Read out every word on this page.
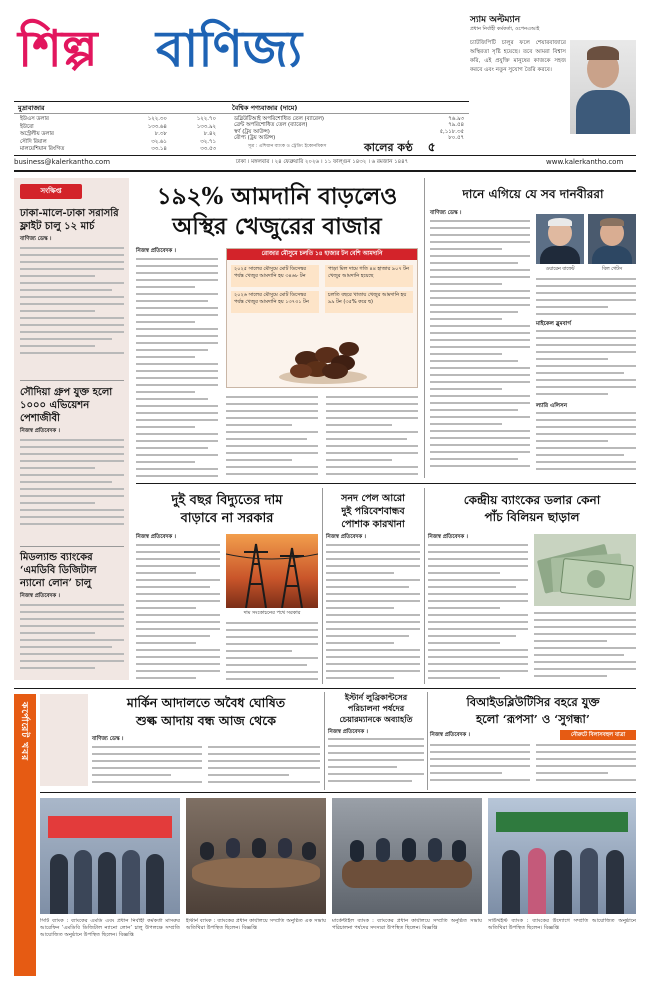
শিল্প বাণিজ্য	স্যাম অল্টম্যান
প্রধান নির্বাহী কর্মকর্তা, ওপেনএআই
চ্যাটজিপিটি চালুর ফলে শেয়ারবাজারে অস্থিরতা সৃষ্টি হয়েছে। তবে আমরা বিশ্বাস করি, এই প্রযুক্তি মানুষের কাজকে সহজ করবে এবং নতুন সুযোগ তৈরি করবে।
মুদ্রাবাজার	বৈশ্বিক পণ্যবাজার (দামে)
ইউএস ডলার	১২২.৩০	১২২.৭০
ইউরো	১৩৩.৬৪	১৩৩.৯২
অস্ট্রেলীয় ডলার	৮.৩৮	৮.৪২
সৌদি রিয়াল	৩২.৬১	৩২.৭১
মালয়েশিয়ান রিংগিত	৩৩.১৪	৩৩.৫৩
ডব্লিউটিআই অপরিশোধিত তেল (ব্যারেল)	৭৬.৯৩
ব্রেন্ট অপরিশোধিত তেল (ব্যারেল)	৭৯.৫৪
স্বর্ণ (ট্রয় আউন্স)	৫,১১৮.৩৫
রৌপ্য (ট্রয় আউন্স)	৮০.৫৭
সূত্র : এশিয়ান ব্যাংক ও ট্রেডিং ইকোনমিকস	কালের কণ্ঠ ৫
business@kalerkantho.com	ঢাকা । মঙ্গলবার । ২৪ ফেব্রুয়ারি ২০২৬ । ১১ ফাল্গুন ১৪৩২ । ৬ রমজান ১৪৪৭	www.kalerkantho.com
সংক্ষিপ্ত
ঢাকা-মালে-ঢাকা সরাসরি ফ্লাইট চালু ১২ মার্চ
বাণিজ্য ডেস্ক ।
সৌদিয়া গ্রুপ যুক্ত হলো ১০০০ এভিয়েশন পেশাজীবী
নিজস্ব প্রতিবেদক ।
মিডল্যান্ড ব্যাংকের ‘এমডিবি ডিজিটাল ন্যানো লোন’ চালু
নিজস্ব প্রতিবেদক ।
১৯২% আমদানি বাড়লেও
অস্থির খেজুরের বাজার
নিজস্ব প্রতিবেদক ।	রোজার মৌসুমে চলতি ১৪ হাজার টন বেশি আমদানি
২০২৫ সালের মৌসুমে মোট ডিসেম্বর পর্যন্ত খেজুর আমদানি হয় ৩৪৬৮ টন
২০২৬ সালের মৌসুমে মোট ডিসেম্বর পর্যন্ত খেজুর আমদানি হয় ১৩৭৩১ টন
পাড়া মিল দামে গতি ৪৪ হাজার ৯০৭ টন খেজুর আমদানি হয়েছে
চলতি বছরে খাতায় খেজুর আমদানি হয় ৯৯ টন (৩৫% করে দ্ব)
দানে এগিয়ে যে সব দানবীররা
বাণিজ্য ডেস্ক ।
ওয়ারেন বাফেট	বিল গেটস
মাইকেল ব্লুমবার্গ
ল্যারি এলিসন
দুই বছর বিদ্যুতের দাম
বাড়াবে না সরকার
নিজস্ব প্রতিবেদক ।
দাম সংকোচনের পথে সরকার
সনদ পেল আরো
দুই পরিবেশবান্ধব
পোশাক কারখানা
নিজস্ব প্রতিবেদক ।
কেন্দ্রীয় ব্যাংকের ডলার কেনা
পাঁচ বিলিয়ন ছাড়াল
নিজস্ব প্রতিবেদক ।
মার্কিন আদালতে অবৈধ ঘোষিত
শুল্ক আদায় বন্ধ আজ থেকে
বাণিজ্য ডেস্ক ।
ইস্টার্ন লুব্রিকান্টসের
পরিচালনা পর্ষদের
চেয়ারম্যানকে অব্যাহতি
নিজস্ব প্রতিবেদক ।
বিআইডব্লিউটিসির বহরে যুক্ত
হলো ‘রূপসা’ ও ‘সুগন্ধা’
নৌরুটে বিলাসবহুল যাত্রা
নিজস্ব প্রতিবেদক ।
কর্পোরেট খবর
সিটি ব্যাংক : ব্যাংকের এমডি এবং প্রধান নির্বাহী কর্মকর্তা মাসরুর আরেফিন ‘এমডিবি ডিজিটাল ন্যানো লোন’ চালু উপলক্ষে সম্প্রতি আয়োজিত অনুষ্ঠানে উপস্থিত ছিলেন। বিজ্ঞপ্তি
ইস্টার্ন ব্যাংক : ব্যাংকের প্রধান কার্যালয়ে সম্প্রতি অনুষ্ঠিত এক সভায় অতিথিরা উপস্থিত ছিলেন। বিজ্ঞপ্তি
মার্কেন্টাইল ব্যাংক : ব্যাংকের প্রধান কার্যালয়ে সম্প্রতি অনুষ্ঠিত সভায় পরিচালনা পর্ষদের সদস্যরা উপস্থিত ছিলেন। বিজ্ঞপ্তি
সাউথইস্ট ব্যাংক : ব্যাংকের উদ্যোগে সম্প্রতি আয়োজিত অনুষ্ঠানে অতিথিরা উপস্থিত ছিলেন। বিজ্ঞপ্তি
